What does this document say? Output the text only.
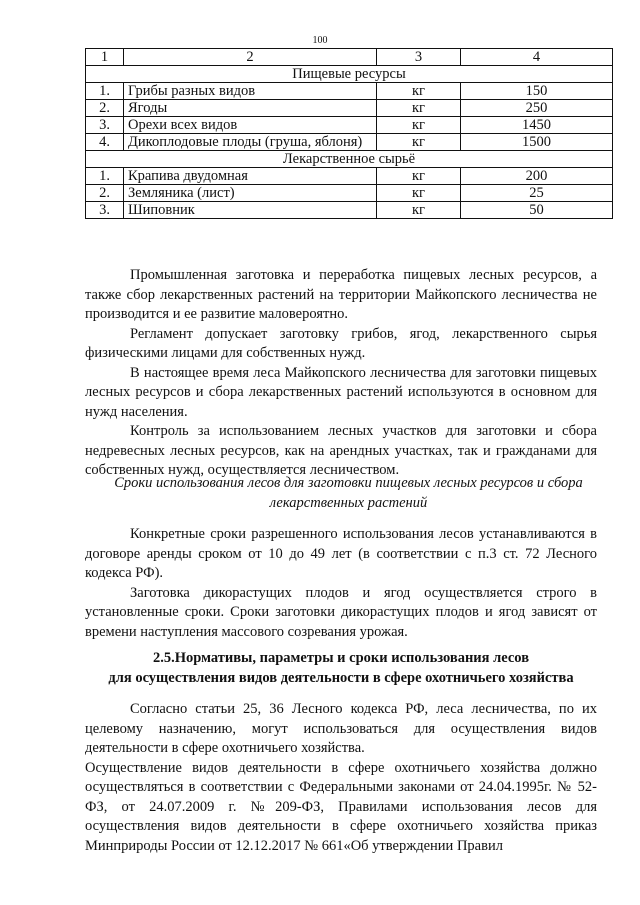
100
1	2	3	4
Пищевые ресурсы			
1.	Грибы разных видов	кг	150
2.	Ягоды	кг	250
3.	Орехи всех видов	кг	1450
4.	Дикоплодовые плоды (груша, яблоня)	кг	1500
Лекарственное сырьё			
1.	Крапива двудомная	кг	200
2.	Земляника (лист)	кг	25
3.	Шиповник	кг	50

Промышленная заготовка и переработка пищевых лесных ресурсов, а также сбор лекарственных растений на территории Майкопского лесничества не производится и ее развитие маловероятно.

Регламент допускает заготовку грибов, ягод, лекарственного сырья физическими лицами для собственных нужд.

В настоящее время леса Майкопского лесничества для заготовки пищевых лесных ресурсов и сбора лекарственных растений используются в основном для нужд населения.

Контроль за использованием лесных участков для заготовки и сбора недревесных лесных ресурсов, как на арендных участках, так и гражданами для собственных нужд, осуществляется лесничеством.

Сроки использования лесов для заготовки пищевых лесных ресурсов и сбора лекарственных растений

Конкретные сроки разрешенного использования лесов устанавливаются в договоре аренды сроком от 10 до 49 лет (в соответствии с п.3 ст. 72 Лесного кодекса РФ).

Заготовка дикорастущих плодов и ягод осуществляется строго в установленные сроки. Сроки заготовки дикорастущих плодов и ягод зависят от времени наступления массового созревания урожая.

2.5.Нормативы, параметры и сроки использования лесов
для осуществления видов деятельности в сфере охотничьего хозяйства

Согласно статьи 25, 36 Лесного кодекса РФ, леса лесничества, по их целевому назначению, могут использоваться для осуществления видов деятельности в сфере охотничьего хозяйства.

Осуществление видов деятельности в сфере охотничьего хозяйства должно осуществляться в соответствии с Федеральными законами от 24.04.1995г. № 52-ФЗ, от 24.07.2009 г. №209-ФЗ, Правилами использования лесов для осуществления видов деятельности в сфере охотничьего хозяйства приказ Минприроды России от 12.12.2017 № 661«Об утверждении Правил
